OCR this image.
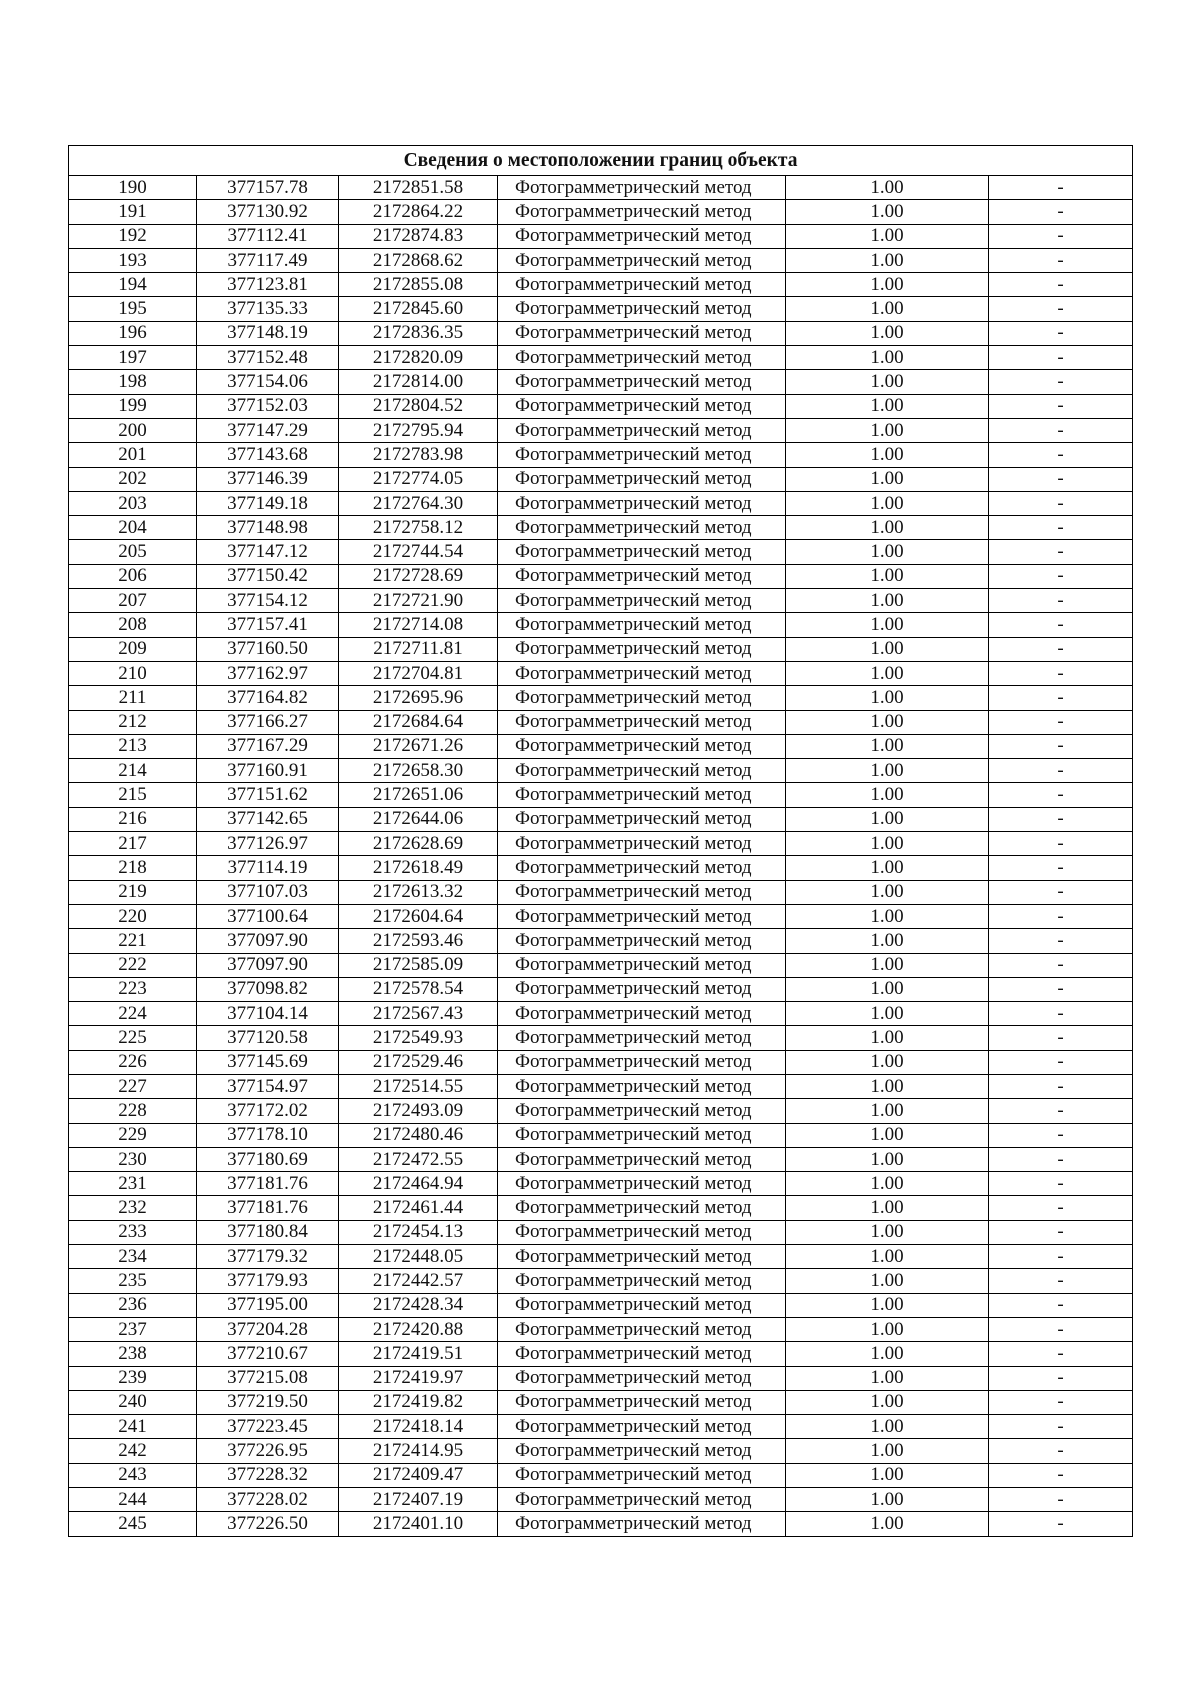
Сведения о местоположении границ объекта					
190	377157.78	2172851.58	Фотограмметрический метод	1.00	-
191	377130.92	2172864.22	Фотограмметрический метод	1.00	-
192	377112.41	2172874.83	Фотограмметрический метод	1.00	-
193	377117.49	2172868.62	Фотограмметрический метод	1.00	-
194	377123.81	2172855.08	Фотограмметрический метод	1.00	-
195	377135.33	2172845.60	Фотограмметрический метод	1.00	-
196	377148.19	2172836.35	Фотограмметрический метод	1.00	-
197	377152.48	2172820.09	Фотограмметрический метод	1.00	-
198	377154.06	2172814.00	Фотограмметрический метод	1.00	-
199	377152.03	2172804.52	Фотограмметрический метод	1.00	-
200	377147.29	2172795.94	Фотограмметрический метод	1.00	-
201	377143.68	2172783.98	Фотограмметрический метод	1.00	-
202	377146.39	2172774.05	Фотограмметрический метод	1.00	-
203	377149.18	2172764.30	Фотограмметрический метод	1.00	-
204	377148.98	2172758.12	Фотограмметрический метод	1.00	-
205	377147.12	2172744.54	Фотограмметрический метод	1.00	-
206	377150.42	2172728.69	Фотограмметрический метод	1.00	-
207	377154.12	2172721.90	Фотограмметрический метод	1.00	-
208	377157.41	2172714.08	Фотограмметрический метод	1.00	-
209	377160.50	2172711.81	Фотограмметрический метод	1.00	-
210	377162.97	2172704.81	Фотограмметрический метод	1.00	-
211	377164.82	2172695.96	Фотограмметрический метод	1.00	-
212	377166.27	2172684.64	Фотограмметрический метод	1.00	-
213	377167.29	2172671.26	Фотограмметрический метод	1.00	-
214	377160.91	2172658.30	Фотограмметрический метод	1.00	-
215	377151.62	2172651.06	Фотограмметрический метод	1.00	-
216	377142.65	2172644.06	Фотограмметрический метод	1.00	-
217	377126.97	2172628.69	Фотограмметрический метод	1.00	-
218	377114.19	2172618.49	Фотограмметрический метод	1.00	-
219	377107.03	2172613.32	Фотограмметрический метод	1.00	-
220	377100.64	2172604.64	Фотограмметрический метод	1.00	-
221	377097.90	2172593.46	Фотограмметрический метод	1.00	-
222	377097.90	2172585.09	Фотограмметрический метод	1.00	-
223	377098.82	2172578.54	Фотограмметрический метод	1.00	-
224	377104.14	2172567.43	Фотограмметрический метод	1.00	-
225	377120.58	2172549.93	Фотограмметрический метод	1.00	-
226	377145.69	2172529.46	Фотограмметрический метод	1.00	-
227	377154.97	2172514.55	Фотограмметрический метод	1.00	-
228	377172.02	2172493.09	Фотограмметрический метод	1.00	-
229	377178.10	2172480.46	Фотограмметрический метод	1.00	-
230	377180.69	2172472.55	Фотограмметрический метод	1.00	-
231	377181.76	2172464.94	Фотограмметрический метод	1.00	-
232	377181.76	2172461.44	Фотограмметрический метод	1.00	-
233	377180.84	2172454.13	Фотограмметрический метод	1.00	-
234	377179.32	2172448.05	Фотограмметрический метод	1.00	-
235	377179.93	2172442.57	Фотограмметрический метод	1.00	-
236	377195.00	2172428.34	Фотограмметрический метод	1.00	-
237	377204.28	2172420.88	Фотограмметрический метод	1.00	-
238	377210.67	2172419.51	Фотограмметрический метод	1.00	-
239	377215.08	2172419.97	Фотограмметрический метод	1.00	-
240	377219.50	2172419.82	Фотограмметрический метод	1.00	-
241	377223.45	2172418.14	Фотограмметрический метод	1.00	-
242	377226.95	2172414.95	Фотограмметрический метод	1.00	-
243	377228.32	2172409.47	Фотограмметрический метод	1.00	-
244	377228.02	2172407.19	Фотограмметрический метод	1.00	-
245	377226.50	2172401.10	Фотограмметрический метод	1.00	-
